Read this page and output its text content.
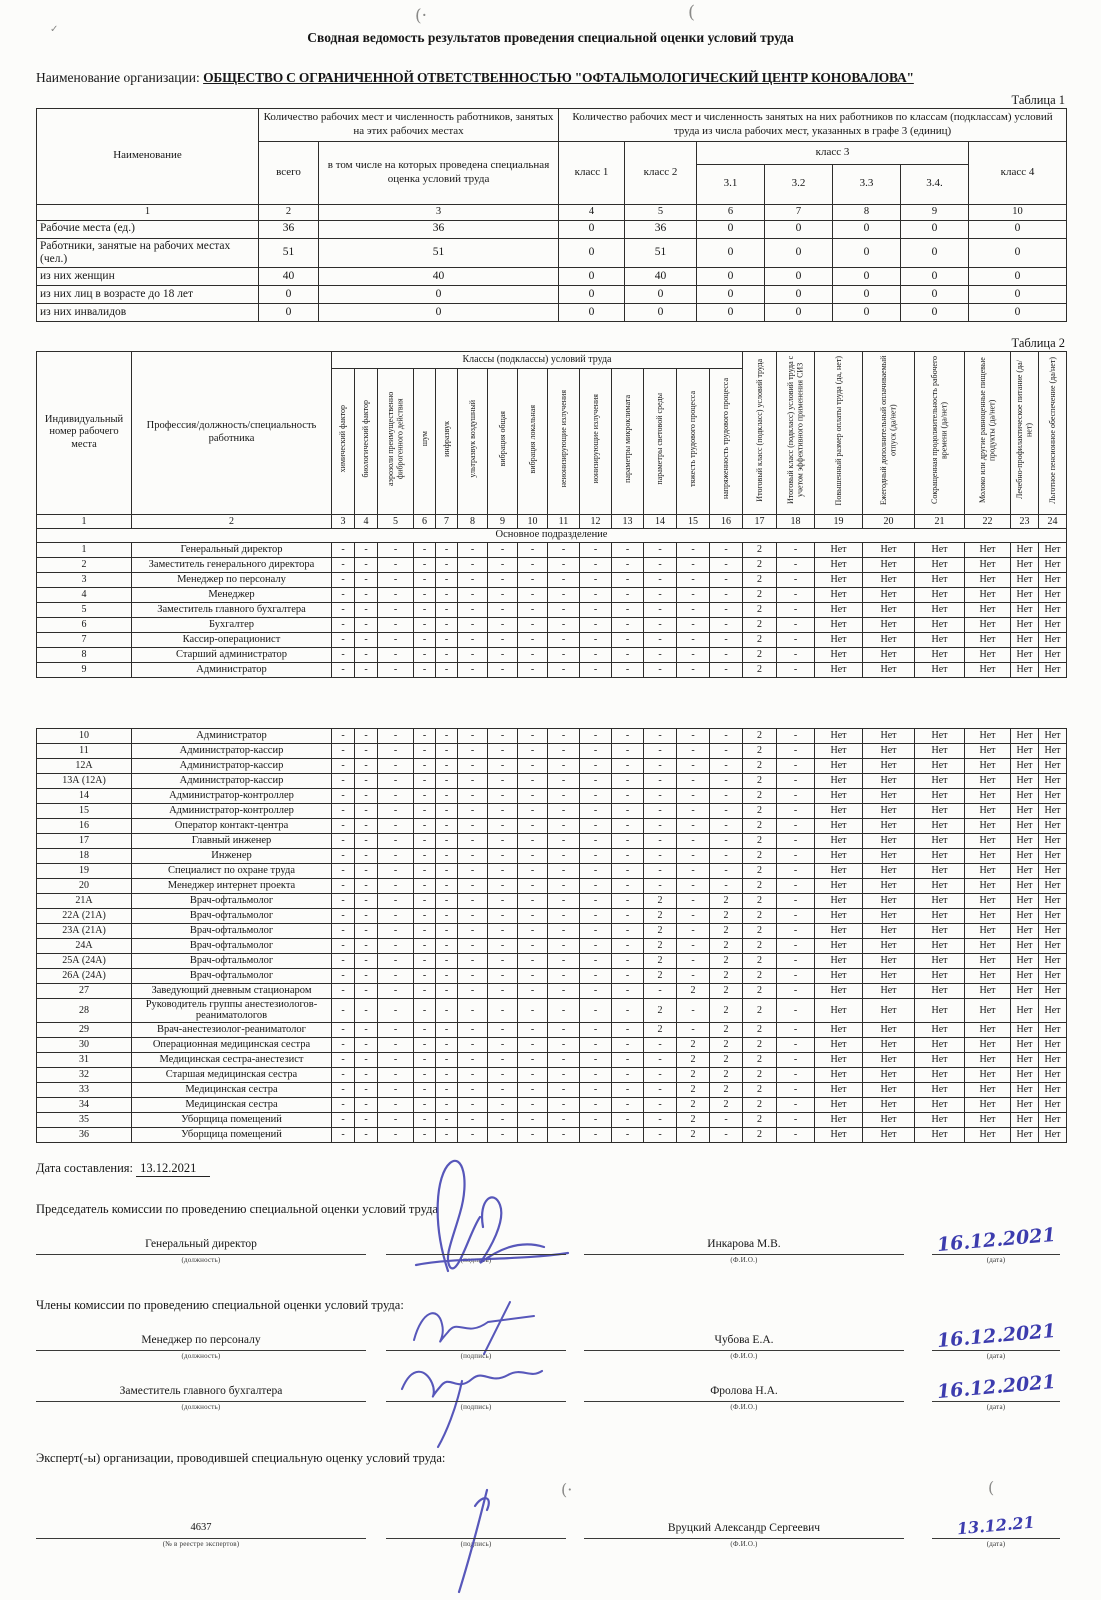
(·	(
✓
Сводная ведомость результатов проведения специальной оценки условий труда
Наименование организации: ОБЩЕСТВО С ОГРАНИЧЕННОЙ ОТВЕТСТВЕННОСТЬЮ "ОФТАЛЬМОЛОГИЧЕСКИЙ ЦЕНТР КОНОВАЛОВА"
Таблица 1
Наименование	Количество рабочих мест и численность работников, занятых на этих рабочих местах		Количество рабочих мест и численность занятых на них работников по классам (подклассам) условий труда из числа рабочих мест, указанных в графе 3 (единиц)						
	всего	в том числе на которых проведена специальная оценка условий труда	класс 1	класс 2	класс 3				класс 4
					3.1	3.2	3.3	3.4.	
1	2	3	4	5	6	7	8	9	10
Рабочие места (ед.)	36	36	0	36	0	0	0	0	0
Работники, занятые на рабочих местах (чел.)	51	51	0	51	0	0	0	0	0
из них женщин	40	40	0	40	0	0	0	0	0
из них лиц в возрасте до 18 лет	0	0	0	0	0	0	0	0	0
из них инвалидов	0	0	0	0	0	0	0	0	0
Таблица 2
Индивидуальный номер рабочего места	Профессия/должность/специальность работника	Классы (подклассы) условий труда														Итоговый класс (подкласс) условий труда	Итоговый класс (подкласс) условий труда с учетом эффективного применения СИЗ	Повышенный размер оплаты труда (да, нет)	Ежегодный дополнительный оплачиваемый отпуск (да/нет)	Сокращенная продолжительность рабочего времени (да/нет)	Молоко или другие равноценные пищевые продукты (да/нет)	Лечебно-профилактическое питание (да/нет)	Льготное пенсионное обеспечение (да/нет)
		химический фактор	биологический фактор	аэрозоли преимущественно фиброгенного действия	шум	инфразвук	ультразвук воздушный	вибрация общая	вибрация локальная	неионизирующие излучения	ионизирующие излучения	параметры микроклимата	параметры световой среды	тяжесть трудового процесса	напряженность трудового процесса								
1	2	3	4	5	6	7	8	9	10	11	12	13	14	15	16	17	18	19	20	21	22	23	24
Основное подразделение																							
1	Генеральный директор	-	-	-	-	-	-	-	-	-	-	-	-	-	-	2	-	Нет	Нет	Нет	Нет	Нет	Нет
2	Заместитель генерального директора	-	-	-	-	-	-	-	-	-	-	-	-	-	-	2	-	Нет	Нет	Нет	Нет	Нет	Нет
3	Менеджер по персоналу	-	-	-	-	-	-	-	-	-	-	-	-	-	-	2	-	Нет	Нет	Нет	Нет	Нет	Нет
4	Менеджер	-	-	-	-	-	-	-	-	-	-	-	-	-	-	2	-	Нет	Нет	Нет	Нет	Нет	Нет
5	Заместитель главного бухгалтера	-	-	-	-	-	-	-	-	-	-	-	-	-	-	2	-	Нет	Нет	Нет	Нет	Нет	Нет
6	Бухгалтер	-	-	-	-	-	-	-	-	-	-	-	-	-	-	2	-	Нет	Нет	Нет	Нет	Нет	Нет
7	Кассир-операционист	-	-	-	-	-	-	-	-	-	-	-	-	-	-	2	-	Нет	Нет	Нет	Нет	Нет	Нет
8	Старший администратор	-	-	-	-	-	-	-	-	-	-	-	-	-	-	2	-	Нет	Нет	Нет	Нет	Нет	Нет
9	Администратор	-	-	-	-	-	-	-	-	-	-	-	-	-	-	2	-	Нет	Нет	Нет	Нет	Нет	Нет
10	Администратор	-	-	-	-	-	-	-	-	-	-	-	-	-	-	2	-	Нет	Нет	Нет	Нет	Нет	Нет
11	Администратор-кассир	-	-	-	-	-	-	-	-	-	-	-	-	-	-	2	-	Нет	Нет	Нет	Нет	Нет	Нет
12А	Администратор-кассир	-	-	-	-	-	-	-	-	-	-	-	-	-	-	2	-	Нет	Нет	Нет	Нет	Нет	Нет
13А (12А)	Администратор-кассир	-	-	-	-	-	-	-	-	-	-	-	-	-	-	2	-	Нет	Нет	Нет	Нет	Нет	Нет
14	Администратор-контроллер	-	-	-	-	-	-	-	-	-	-	-	-	-	-	2	-	Нет	Нет	Нет	Нет	Нет	Нет
15	Администратор-контроллер	-	-	-	-	-	-	-	-	-	-	-	-	-	-	2	-	Нет	Нет	Нет	Нет	Нет	Нет
16	Оператор контакт-центра	-	-	-	-	-	-	-	-	-	-	-	-	-	-	2	-	Нет	Нет	Нет	Нет	Нет	Нет
17	Главный инженер	-	-	-	-	-	-	-	-	-	-	-	-	-	-	2	-	Нет	Нет	Нет	Нет	Нет	Нет
18	Инженер	-	-	-	-	-	-	-	-	-	-	-	-	-	-	2	-	Нет	Нет	Нет	Нет	Нет	Нет
19	Специалист по охране труда	-	-	-	-	-	-	-	-	-	-	-	-	-	-	2	-	Нет	Нет	Нет	Нет	Нет	Нет
20	Менеджер интернет проекта	-	-	-	-	-	-	-	-	-	-	-	-	-	-	2	-	Нет	Нет	Нет	Нет	Нет	Нет
21А	Врач-офтальмолог	-	-	-	-	-	-	-	-	-	-	-	2	-	2	2	-	Нет	Нет	Нет	Нет	Нет	Нет
22А (21А)	Врач-офтальмолог	-	-	-	-	-	-	-	-	-	-	-	2	-	2	2	-	Нет	Нет	Нет	Нет	Нет	Нет
23А (21А)	Врач-офтальмолог	-	-	-	-	-	-	-	-	-	-	-	2	-	2	2	-	Нет	Нет	Нет	Нет	Нет	Нет
24А	Врач-офтальмолог	-	-	-	-	-	-	-	-	-	-	-	2	-	2	2	-	Нет	Нет	Нет	Нет	Нет	Нет
25А (24А)	Врач-офтальмолог	-	-	-	-	-	-	-	-	-	-	-	2	-	2	2	-	Нет	Нет	Нет	Нет	Нет	Нет
26А (24А)	Врач-офтальмолог	-	-	-	-	-	-	-	-	-	-	-	2	-	2	2	-	Нет	Нет	Нет	Нет	Нет	Нет
27	Заведующий дневным стационаром	-	-	-	-	-	-	-	-	-	-	-	-	2	2	2	-	Нет	Нет	Нет	Нет	Нет	Нет
28	Руководитель группы анестезиологов-реаниматологов	-	-	-	-	-	-	-	-	-	-	-	2	-	2	2	-	Нет	Нет	Нет	Нет	Нет	Нет
29	Врач-анестезиолог-реаниматолог	-	-	-	-	-	-	-	-	-	-	-	2	-	2	2	-	Нет	Нет	Нет	Нет	Нет	Нет
30	Операционная медицинская сестра	-	-	-	-	-	-	-	-	-	-	-	-	2	2	2	-	Нет	Нет	Нет	Нет	Нет	Нет
31	Медицинская сестра-анестезист	-	-	-	-	-	-	-	-	-	-	-	-	2	2	2	-	Нет	Нет	Нет	Нет	Нет	Нет
32	Старшая медицинская сестра	-	-	-	-	-	-	-	-	-	-	-	-	2	2	2	-	Нет	Нет	Нет	Нет	Нет	Нет
33	Медицинская сестра	-	-	-	-	-	-	-	-	-	-	-	-	2	2	2	-	Нет	Нет	Нет	Нет	Нет	Нет
34	Медицинская сестра	-	-	-	-	-	-	-	-	-	-	-	-	2	2	2	-	Нет	Нет	Нет	Нет	Нет	Нет
35	Уборщица помещений	-	-	-	-	-	-	-	-	-	-	-	-	2	-	2	-	Нет	Нет	Нет	Нет	Нет	Нет
36	Уборщица помещений	-	-	-	-	-	-	-	-	-	-	-	-	2	-	2	-	Нет	Нет	Нет	Нет	Нет	Нет
Дата составления: 13.12.2021
Председатель комиссии по проведению специальной оценки условий труда
Генеральный директор
(должность)	(подпись)
Инкарова М.В.
(Ф.И.О.)
16.12.2021
(дата)
Члены комиссии по проведению специальной оценки условий труда:
Менеджер по персоналу
(должность)	(подпись)
Чубова Е.А.
(Ф.И.О.)
16.12.2021
(дата)
Заместитель главного бухгалтера
(должность)	(подпись)
Фролова Н.А.
(Ф.И.О.)
16.12.2021
(дата)
Эксперт(-ы) организации, проводившей специальную оценку условий труда:
(·	(
4637
(№ в реестре экспертов)	(подпись)
Вруцкий Александр Сергеевич
(Ф.И.О.)
13.12.21
(дата)
